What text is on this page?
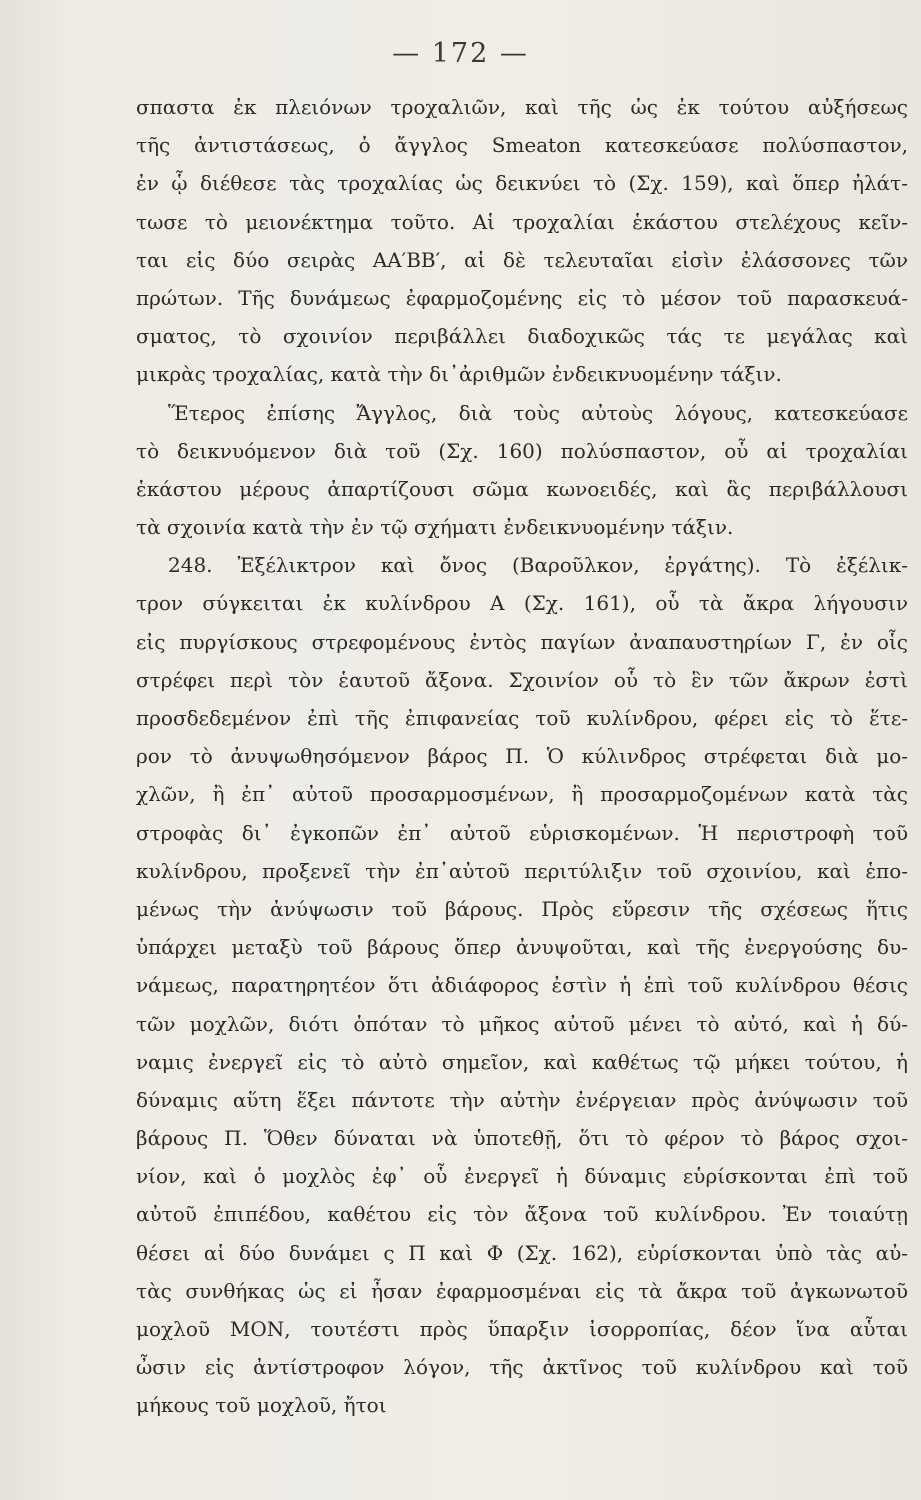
— 172 —
σπαστα ἐκ πλειόνων τροχαλιῶν, καὶ τῆς ὡς ἐκ τούτου αὐξήσεως
τῆς ἀντιστάσεως, ὁ ἄγγλος Smeaton κατεσκεύασε πολύσπαστον,
ἐν ᾧ διέθεσε τὰς τροχαλίας ὡς δεικνύει τὸ (Σχ. 159), καὶ ὅπερ ἠλάτ-
τωσε τὸ μειονέκτημα τοῦτο. Αἱ τροχαλίαι ἑκάστου στελέχους κεῖν-
ται εἰς δύο σειρὰς ΑΑ′ΒΒ′, αἱ δὲ τελευταῖαι εἰσὶν ἐλάσσονες τῶν
πρώτων. Τῆς δυνάμεως ἐφαρμοζομένης εἰς τὸ μέσον τοῦ παρασκευά-
σματος, τὸ σχοινίον περιβάλλει διαδοχικῶς τάς τε μεγάλας καὶ
μικρὰς τροχαλίας, κατὰ τὴν δι᾽ἀριθμῶν ἐνδεικνυομένην τάξιν.
Ἕτερος ἐπίσης Ἄγγλος, διὰ τοὺς αὐτοὺς λόγους, κατεσκεύασε
τὸ δεικνυόμενον διὰ τοῦ (Σχ. 160) πολύσπαστον, οὗ αἱ τροχαλίαι
ἑκάστου μέρους ἀπαρτίζουσι σῶμα κωνοειδές, καὶ ἃς περιβάλλουσι
τὰ σχοινία κατὰ τὴν ἐν τῷ σχήματι ἐνδεικνυομένην τάξιν.
248. Ἐξέλικτρον καὶ ὄνος (Βαροῦλκον, ἐργάτης). Τὸ ἐξέλικ-
τρον σύγκειται ἐκ κυλίνδρου Α (Σχ. 161), οὗ τὰ ἄκρα λήγουσιν
εἰς πυργίσκους στρεφομένους ἐντὸς παγίων ἀναπαυστηρίων Γ, ἐν οἷς
στρέφει περὶ τὸν ἑαυτοῦ ἄξονα. Σχοινίον οὗ τὸ ἓν τῶν ἄκρων ἐστὶ
προσδεδεμένον ἐπὶ τῆς ἐπιφανείας τοῦ κυλίνδρου, φέρει εἰς τὸ ἕτε-
ρον τὸ ἀνυψωθησόμενον βάρος Π. Ὁ κύλινδρος στρέφεται διὰ μο-
χλῶν, ἢ ἐπ᾽ αὐτοῦ προσαρμοσμένων, ἢ προσαρμοζομένων κατὰ τὰς
στροφὰς δι᾽ ἐγκοπῶν ἐπ᾽ αὐτοῦ εὑρισκομένων. Ἡ περιστροφὴ τοῦ
κυλίνδρου, προξενεῖ τὴν ἐπ᾽αὐτοῦ περιτύλιξιν τοῦ σχοινίου, καὶ ἑπο-
μένως τὴν ἀνύψωσιν τοῦ βάρους. Πρὸς εὕρεσιν τῆς σχέσεως ἥτις
ὑπάρχει μεταξὺ τοῦ βάρους ὅπερ ἀνυψοῦται, καὶ τῆς ἐνεργούσης δυ-
νάμεως, παρατηρητέον ὅτι ἀδιάφορος ἐστὶν ἡ ἐπὶ τοῦ κυλίνδρου θέσις
τῶν μοχλῶν, διότι ὁπόταν τὸ μῆκος αὐτοῦ μένει τὸ αὐτό, καὶ ἡ δύ-
ναμις ἐνεργεῖ εἰς τὸ αὐτὸ σημεῖον, καὶ καθέτως τῷ μήκει τούτου, ἡ
δύναμις αὕτη ἕξει πάντοτε τὴν αὐτὴν ἐνέργειαν πρὸς ἀνύψωσιν τοῦ
βάρους Π. Ὅθεν δύναται νὰ ὑποτεθῇ, ὅτι τὸ φέρον τὸ βάρος σχοι-
νίον, καὶ ὁ μοχλὸς ἐφ᾽ οὗ ἐνεργεῖ ἡ δύναμις εὑρίσκονται ἐπὶ τοῦ
αὐτοῦ ἐπιπέδου, καθέτου εἰς τὸν ἄξονα τοῦ κυλίνδρου. Ἐν τοιαύτῃ
θέσει αἱ δύο δυνάμει ς Π καὶ Φ (Σχ. 162), εὑρίσκονται ὑπὸ τὰς αὐ-
τὰς συνθήκας ὡς εἰ ἦσαν ἐφαρμοσμέναι εἰς τὰ ἄκρα τοῦ ἀγκωνωτοῦ
μοχλοῦ ΜΟΝ, τουτέστι πρὸς ὕπαρξιν ἰσορροπίας, δέον ἵνα αὗται
ὦσιν εἰς ἀντίστροφον λόγον, τῆς ἀκτῖνος τοῦ κυλίνδρου καὶ τοῦ
μήκους τοῦ μοχλοῦ, ἤτοι
